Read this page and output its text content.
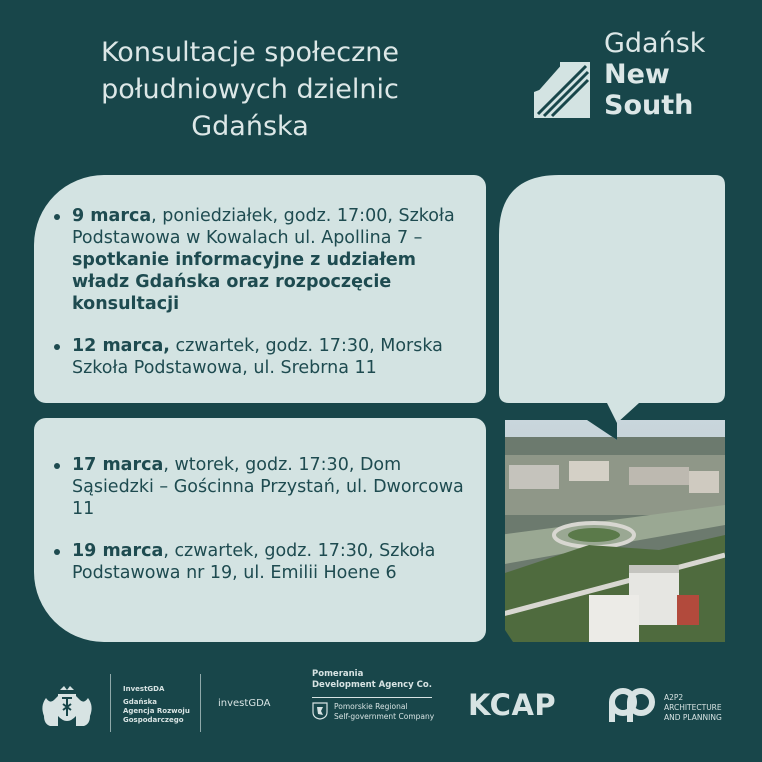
Konsultacje społeczne
południowych dzielnic
Gdańska
Gdańsk
New
South
9 marca, poniedziałek, godz. 17:00, Szkoła Podstawowa w Kowalach ul. Apollina 7 – spotkanie informacyjne z udziałem władz Gdańska oraz rozpoczęcie konsultacji
12 marca, czwartek, godz. 17:30, Morska Szkoła Podstawowa, ul. Srebrna 11
17 marca, wtorek, godz. 17:30, Dom Sąsiedzki – Gościnna Przystań, ul. Dworcowa 11
19 marca, czwartek, godz. 17:30, Szkoła Podstawowa nr 19, ul. Emilii Hoene 6
InvestGDA
Gdańska
Agencja Rozwoju
Gospodarczego
investGDA
Pomerania
Development Agency Co.
Pomorskie Regional
Self-government Company KCAP	A2P2
ARCHITECTURE
AND PLANNING
